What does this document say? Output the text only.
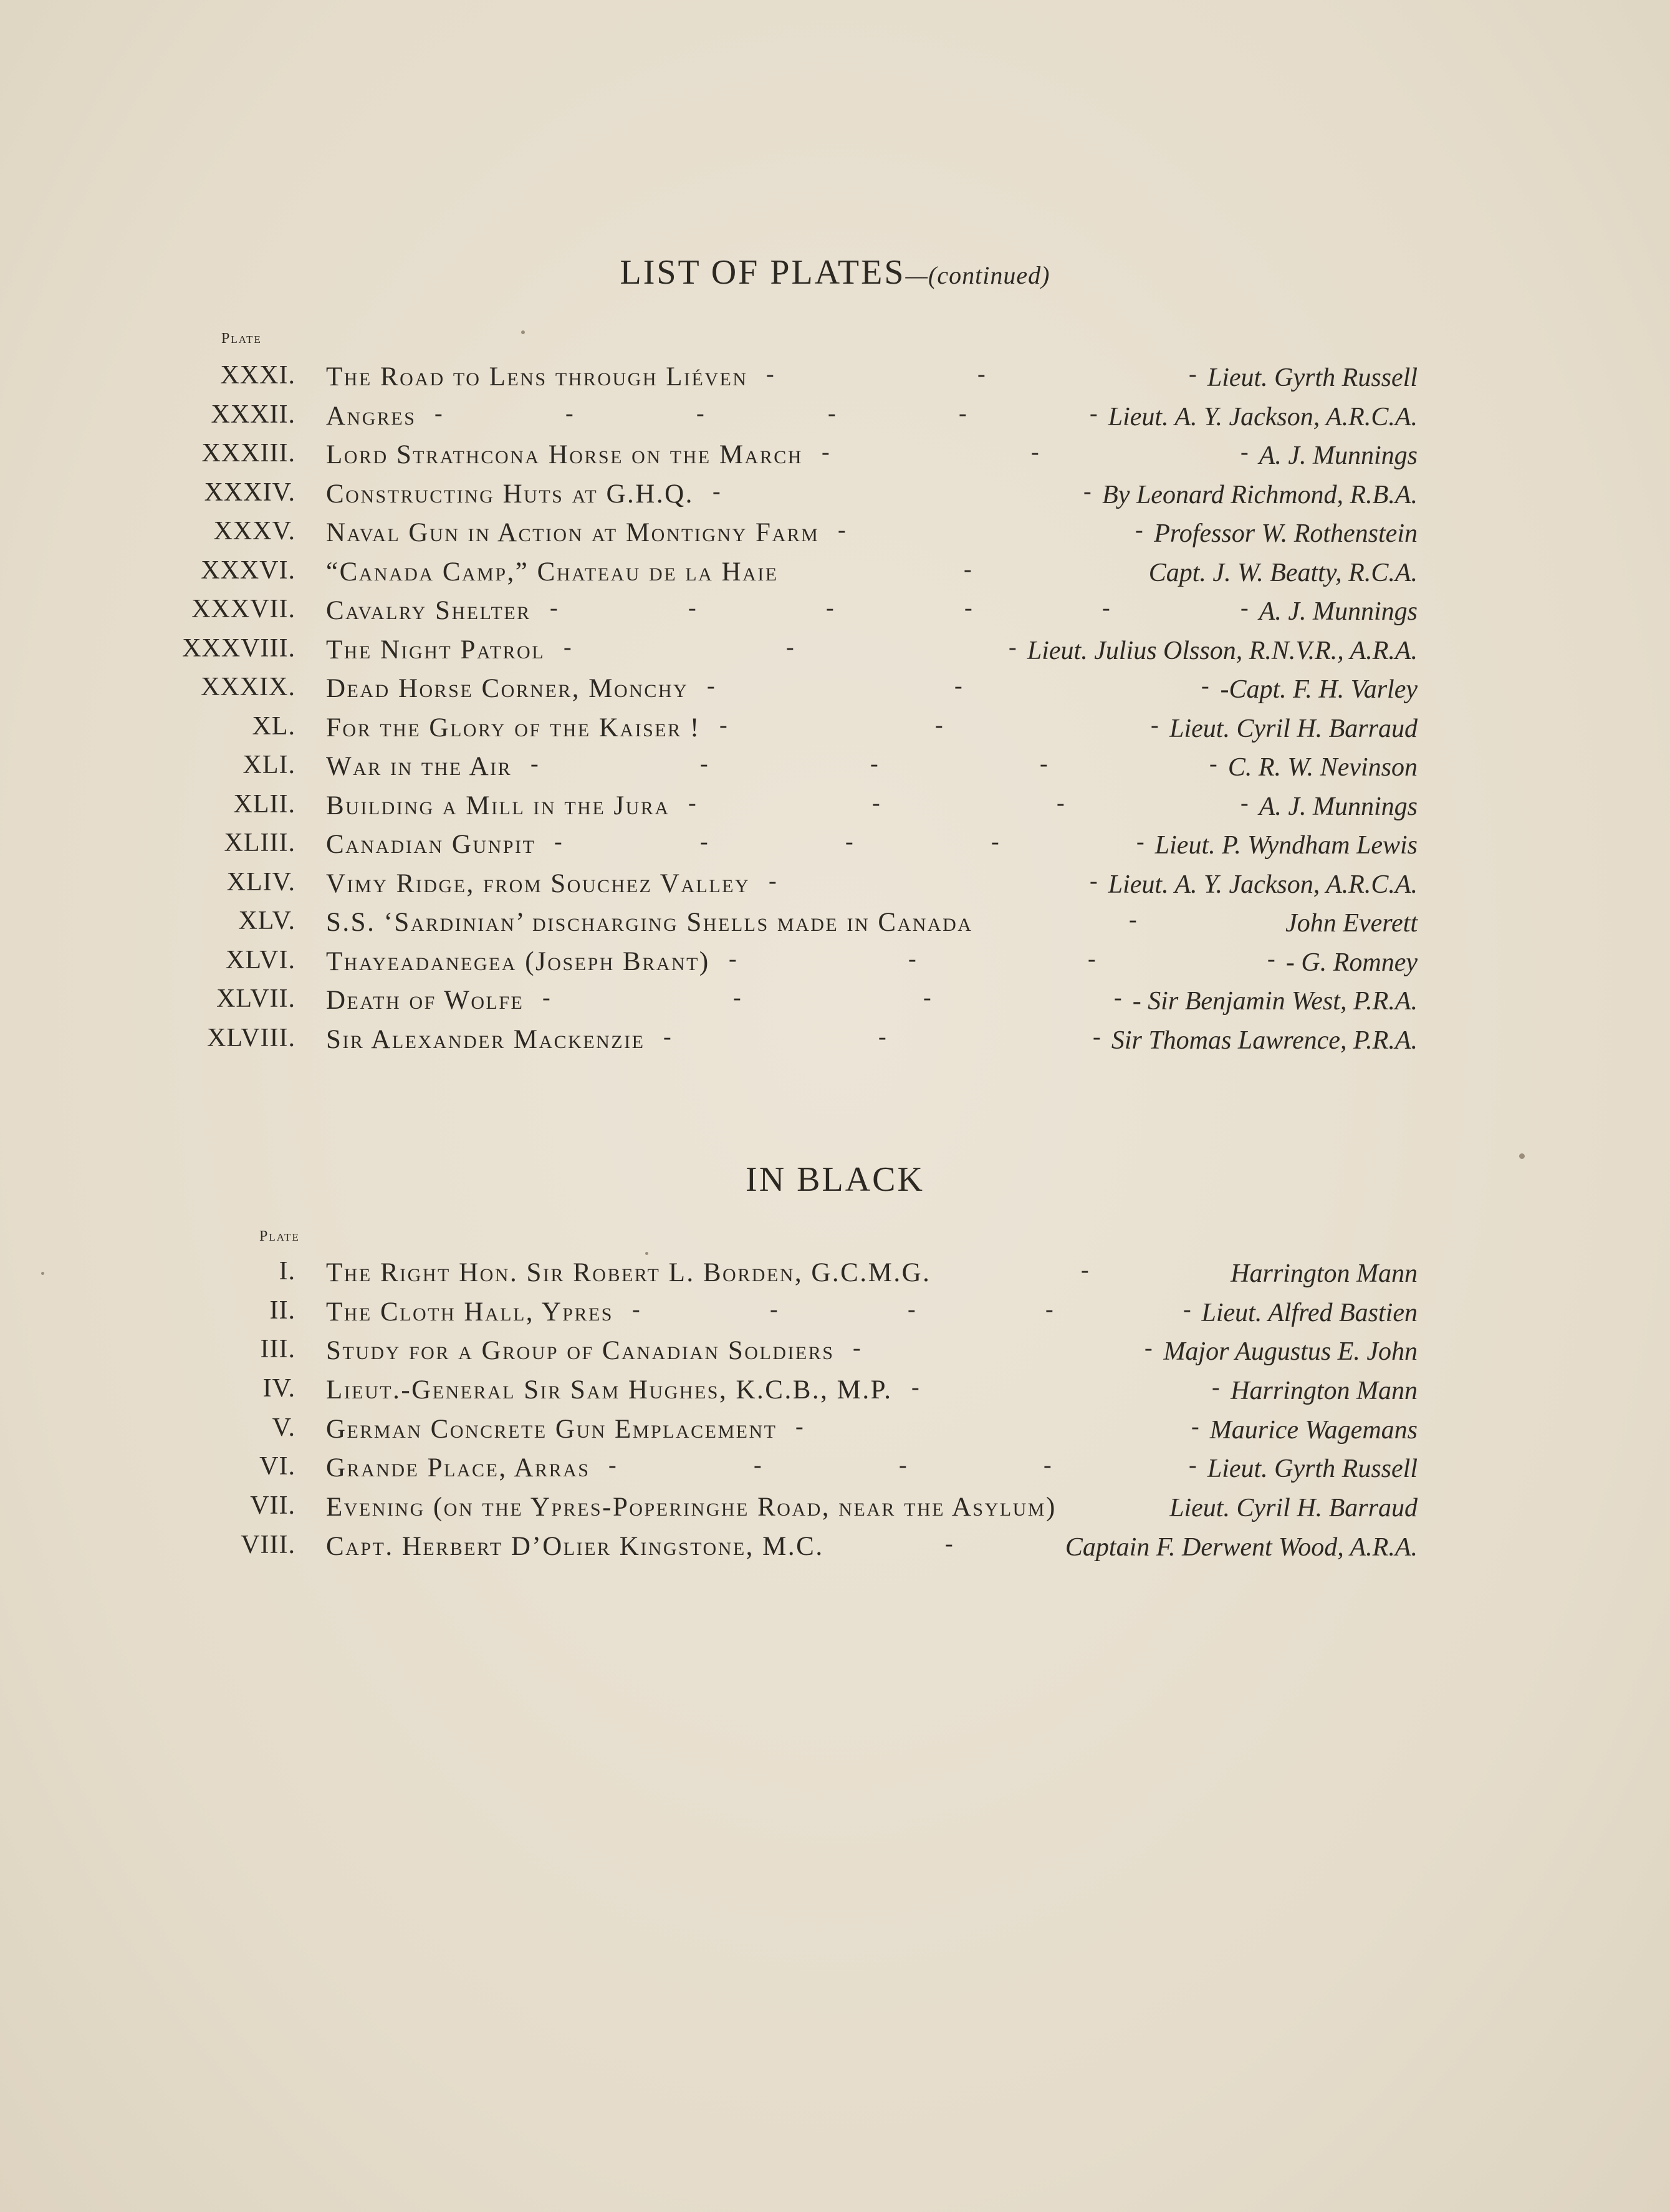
LIST OF PLATES—(continued)
Plate
XXXI. The Road to Lens through Liéven	Lieut. Gyrth Russell
-	-	-
XXXII. Angres	Lieut. A. Y. Jackson, A.R.C.A.
-	-	-	-	-	-
XXXIII. Lord Strathcona Horse on the March	A. J. Munnings
-	-	-
XXXIV. Constructing Huts at G.H.Q.	By Leonard Richmond, R.B.A.
-	-
XXXV. Naval Gun in Action at Montigny Farm	Professor W. Rothenstein
-	-
XXXVI. “Canada Camp,” Chateau de la Haie	Capt. J. W. Beatty, R.C.A.
-
XXXVII. Cavalry Shelter	A. J. Munnings
-	-	-	-	-	-
XXXVIII. The Night Patrol	Lieut. Julius Olsson, R.N.V.R., A.R.A.
-	-	-
XXXIX. Dead Horse Corner, Monchy	-Capt. F. H. Varley
-	-	-
XL. For the Glory of the Kaiser !	Lieut. Cyril H. Barraud
-	-	-
XLI. War in the Air	C. R. W. Nevinson
-	-	-	-	-
XLII. Building a Mill in the Jura	A. J. Munnings
-	-	-	-
XLIII. Canadian Gunpit	Lieut. P. Wyndham Lewis
-	-	-	-	-
XLIV. Vimy Ridge, from Souchez Valley	Lieut. A. Y. Jackson, A.R.C.A.
-	-
XLV. S.S. ‘Sardinian’ discharging Shells made in Canada	John Everett
-
XLVI. Thayeadanegea (Joseph Brant)	- G. Romney
-	-	-	-
XLVII. Death of Wolfe	- Sir Benjamin West, P.R.A.
-	-	-	-
XLVIII. Sir Alexander Mackenzie	Sir Thomas Lawrence, P.R.A.
-	-	-
IN BLACK
Plate
I. The Right Hon. Sir Robert L. Borden, G.C.M.G.	Harrington Mann
-
II. The Cloth Hall, Ypres	Lieut. Alfred Bastien
-	-	-	-	-
III. Study for a Group of Canadian Soldiers	Major Augustus E. John
-	-
IV. Lieut.-General Sir Sam Hughes, K.C.B., M.P.	Harrington Mann
-	-
V. German Concrete Gun Emplacement	Maurice Wagemans
-	-
VI. Grande Place, Arras	Lieut. Gyrth Russell
-	-	-	-	-
VII. Evening (on the Ypres-Poperinghe Road, near the Asylum)	Lieut. Cyril H. Barraud
VIII. Capt. Herbert D’Olier Kingstone, M.C.	Captain F. Derwent Wood, A.R.A.
-
